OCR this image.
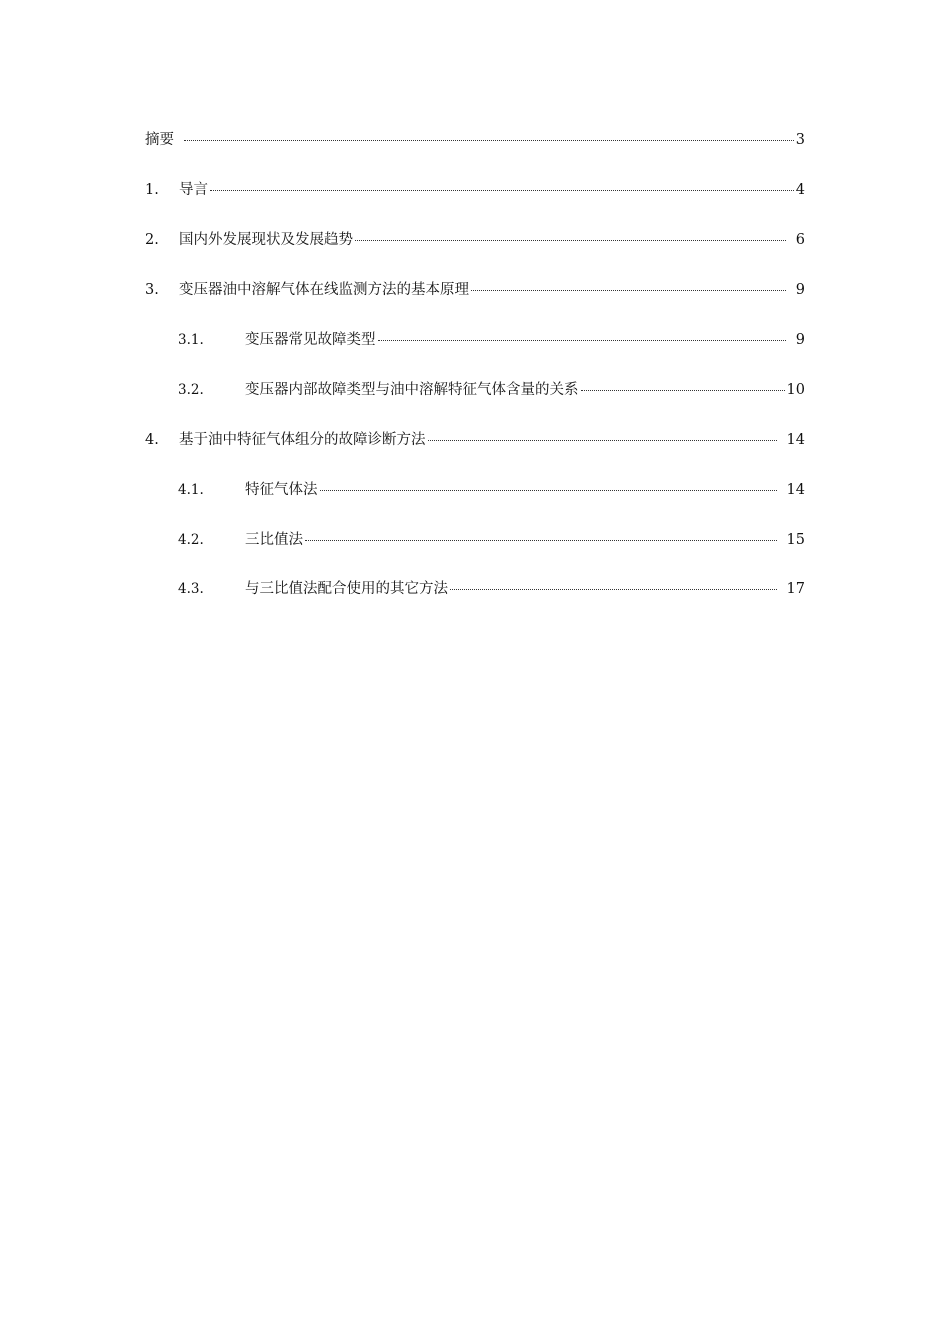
摘要	3
1.	导言	4
2.	国内外发展现状及发展趋势	6
3.	变压器油中溶解气体在线监测方法的基本原理	9
3.1.	变压器常见故障类型	9
3.2.	变压器内部故障类型与油中溶解特征气体含量的关系	10
4.	基于油中特征气体组分的故障诊断方法	14
4.1.	特征气体法	14
4.2.	三比值法	15
4.3.	与三比值法配合使用的其它方法	17
